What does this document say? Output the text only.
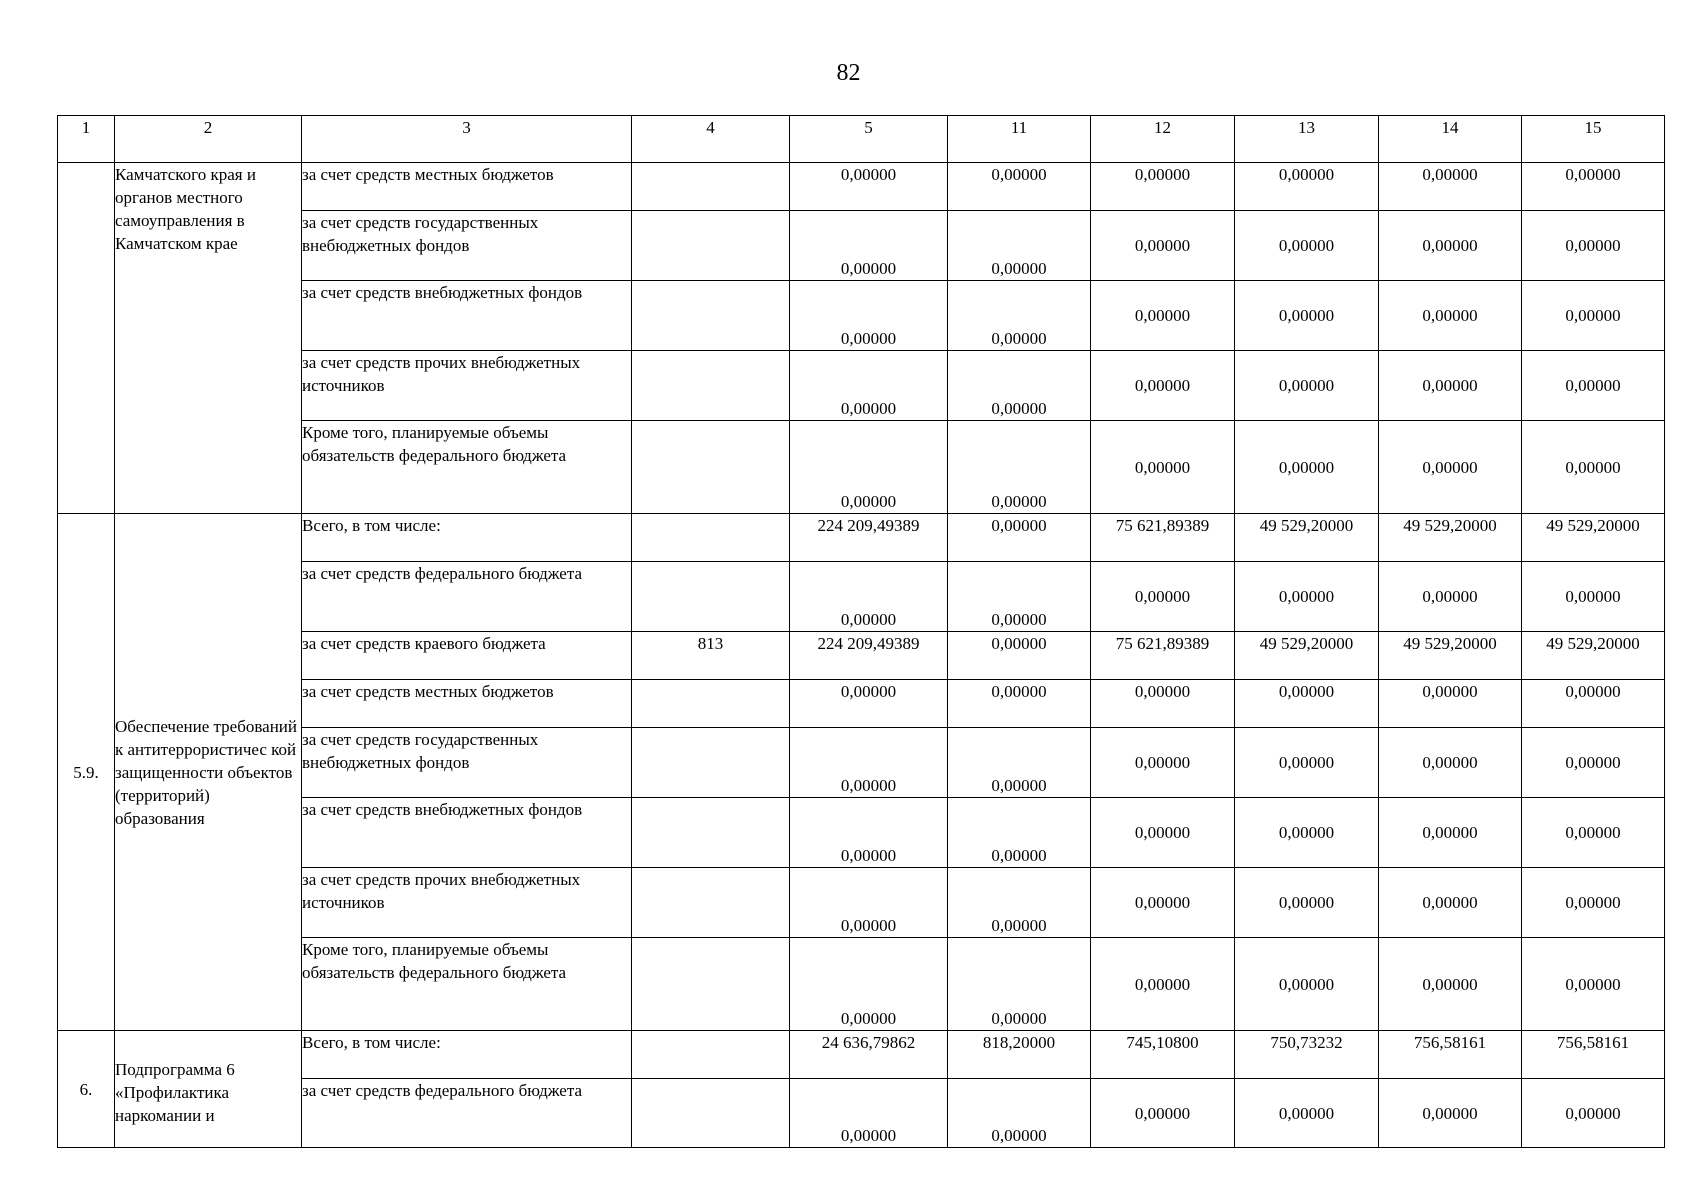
82
1	2	3	4	5	11	12	13	14	15
	Камчатского края и органов местного самоуправления в Камчатском крае	за счет средств местных бюджетов		0,00000	0,00000	0,00000	0,00000	0,00000	0,00000
		за счет средств государственных внебюджетных фондов		0,00000	0,00000	0,00000	0,00000	0,00000	0,00000
		за счет средств внебюджетных фондов		0,00000	0,00000	0,00000	0,00000	0,00000	0,00000
		за счет средств прочих внебюджетных источников		0,00000	0,00000	0,00000	0,00000	0,00000	0,00000
		Кроме того, планируемые объемы обязательств федерального бюджета		0,00000	0,00000	0,00000	0,00000	0,00000	0,00000
5.9.	Обеспечение требований к антитеррористичес кой защищенности объектов (территорий) образования	Всего, в том числе:		224 209,49389	0,00000	75 621,89389	49 529,20000	49 529,20000	49 529,20000
		за счет средств федерального бюджета		0,00000	0,00000	0,00000	0,00000	0,00000	0,00000
		за счет средств краевого бюджета	813	224 209,49389	0,00000	75 621,89389	49 529,20000	49 529,20000	49 529,20000
		за счет средств местных бюджетов		0,00000	0,00000	0,00000	0,00000	0,00000	0,00000
		за счет средств государственных внебюджетных фондов		0,00000	0,00000	0,00000	0,00000	0,00000	0,00000
		за счет средств внебюджетных фондов		0,00000	0,00000	0,00000	0,00000	0,00000	0,00000
		за счет средств прочих внебюджетных источников		0,00000	0,00000	0,00000	0,00000	0,00000	0,00000
		Кроме того, планируемые объемы обязательств федерального бюджета		0,00000	0,00000	0,00000	0,00000	0,00000	0,00000
6.	Подпрограмма 6 «Профилактика наркомании и	Всего, в том числе:		24 636,79862	818,20000	745,10800	750,73232	756,58161	756,58161
		за счет средств федерального бюджета		0,00000	0,00000	0,00000	0,00000	0,00000	0,00000
